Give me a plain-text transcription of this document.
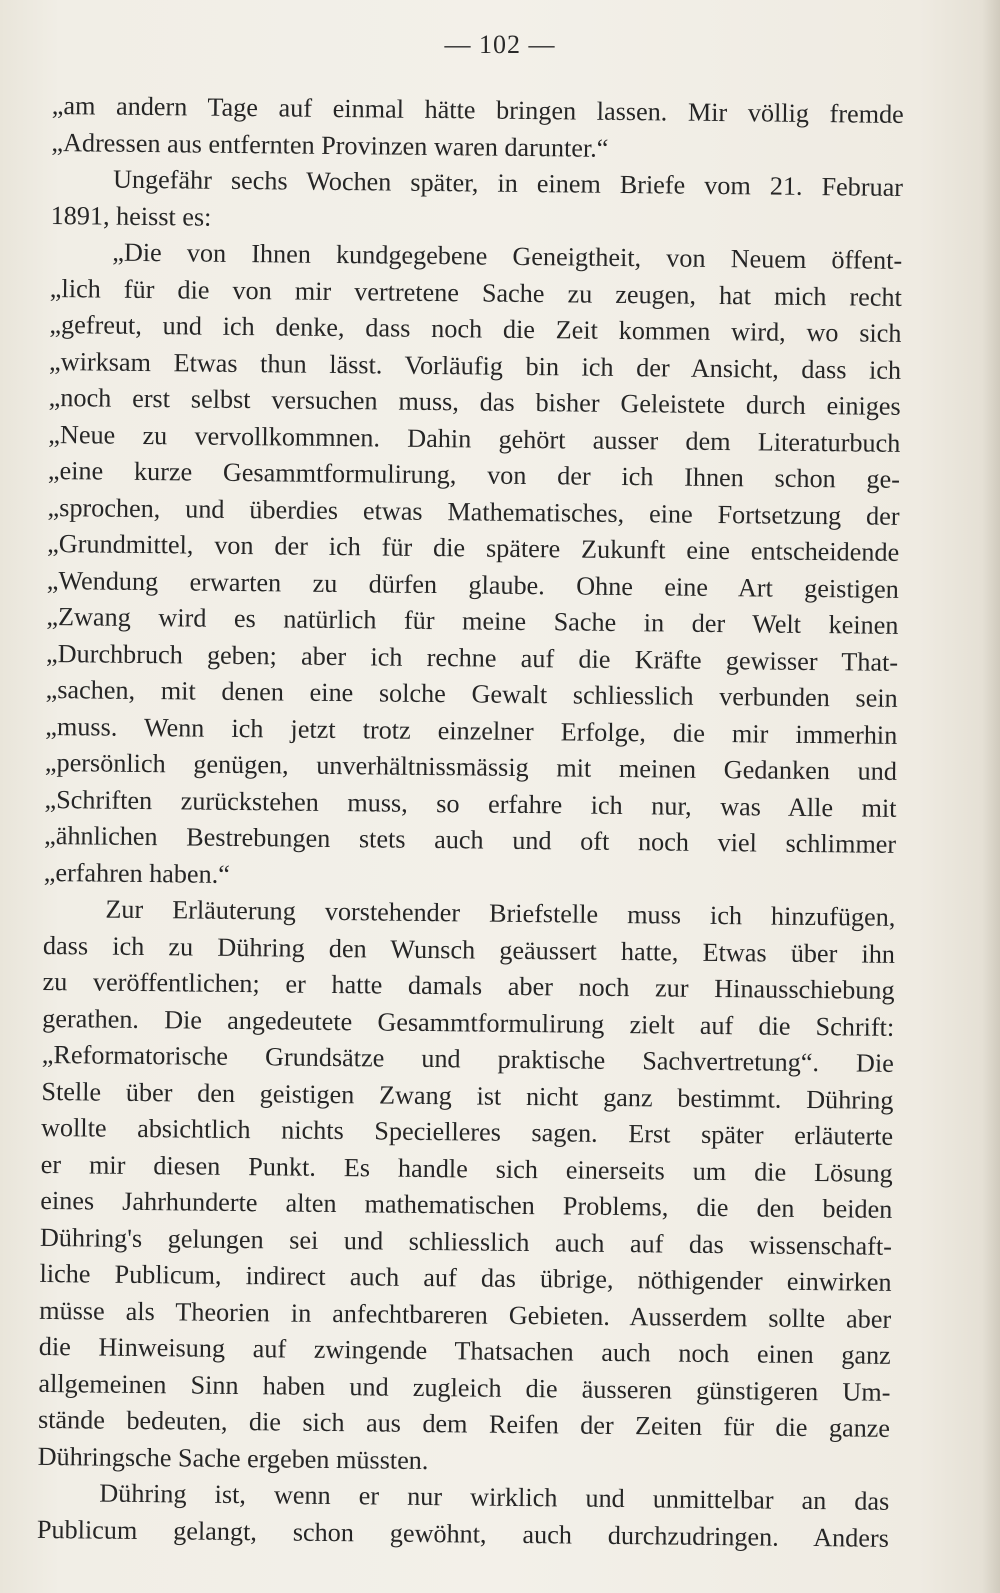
— 102 —
„am andern Tage auf einmal hätte bringen lassen. Mir völlig fremde
„Adressen aus entfernten Provinzen waren darunter.“
Ungefähr sechs Wochen später, in einem Briefe vom 21. Februar
1891, heisst es:
„Die von Ihnen kundgegebene Geneigtheit, von Neuem öffent-
„lich für die von mir vertretene Sache zu zeugen, hat mich recht
„gefreut, und ich denke, dass noch die Zeit kommen wird, wo sich
„wirksam Etwas thun lässt. Vorläufig bin ich der Ansicht, dass ich
„noch erst selbst versuchen muss, das bisher Geleistete durch einiges
„Neue zu vervollkommnen. Dahin gehört ausser dem Literaturbuch
„eine kurze Gesammtformulirung, von der ich Ihnen schon ge-
„sprochen, und überdies etwas Mathematisches, eine Fortsetzung der
„Grundmittel, von der ich für die spätere Zukunft eine entscheidende
„Wendung erwarten zu dürfen glaube. Ohne eine Art geistigen
„Zwang wird es natürlich für meine Sache in der Welt keinen
„Durchbruch geben; aber ich rechne auf die Kräfte gewisser That-
„sachen, mit denen eine solche Gewalt schliesslich verbunden sein
„muss. Wenn ich jetzt trotz einzelner Erfolge, die mir immerhin
„persönlich genügen, unverhältnissmässig mit meinen Gedanken und
„Schriften zurückstehen muss, so erfahre ich nur, was Alle mit
„ähnlichen Bestrebungen stets auch und oft noch viel schlimmer
„erfahren haben.“
Zur Erläuterung vorstehender Briefstelle muss ich hinzufügen,
dass ich zu Dühring den Wunsch geäussert hatte, Etwas über ihn
zu veröffentlichen; er hatte damals aber noch zur Hinausschiebung
gerathen. Die angedeutete Gesammtformulirung zielt auf die Schrift:
„Reformatorische Grundsätze und praktische Sachvertretung“. Die
Stelle über den geistigen Zwang ist nicht ganz bestimmt. Dühring
wollte absichtlich nichts Specielleres sagen. Erst später erläuterte
er mir diesen Punkt. Es handle sich einerseits um die Lösung
eines Jahrhunderte alten mathematischen Problems, die den beiden
Dühring's gelungen sei und schliesslich auch auf das wissenschaft-
liche Publicum, indirect auch auf das übrige, nöthigender einwirken
müsse als Theorien in anfechtbareren Gebieten. Ausserdem sollte aber
die Hinweisung auf zwingende Thatsachen auch noch einen ganz
allgemeinen Sinn haben und zugleich die äusseren günstigeren Um-
stände bedeuten, die sich aus dem Reifen der Zeiten für die ganze
Dühringsche Sache ergeben müssten.
Dühring ist, wenn er nur wirklich und unmittelbar an das
Publicum gelangt, schon gewöhnt, auch durchzudringen. Anders
